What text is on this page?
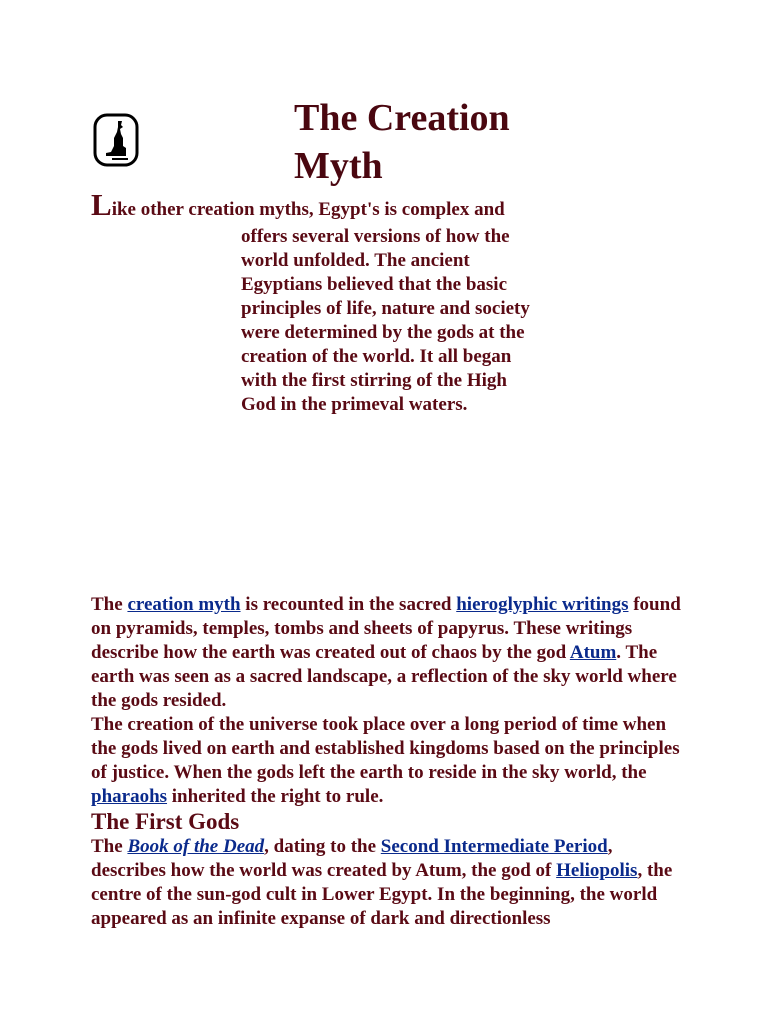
The Creation
Myth

Like other creation myths, Egypt's is complex and

offers several versions of how the world unfolded. The ancient Egyptians believed that the basic principles of life, nature and society were determined by the gods at the creation of the world. It all began with the first stirring of the High God in the primeval waters.

The creation myth is recounted in the sacred hieroglyphic writings found on pyramids, temples, tombs and sheets of papyrus. These writings describe how the earth was created out of chaos by the god Atum. The earth was seen as a sacred landscape, a reflection of the sky world where the gods resided.

The creation of the universe took place over a long period of time when the gods lived on earth and established kingdoms based on the principles of justice. When the gods left the earth to reside in the sky world, the pharaohs inherited the right to rule.

The First Gods

The Book of the Dead, dating to the Second Intermediate Period, describes how the world was created by Atum, the god of Heliopolis, the centre of the sun-god cult in Lower Egypt. In the beginning, the world appeared as an infinite expanse of dark and directionless
